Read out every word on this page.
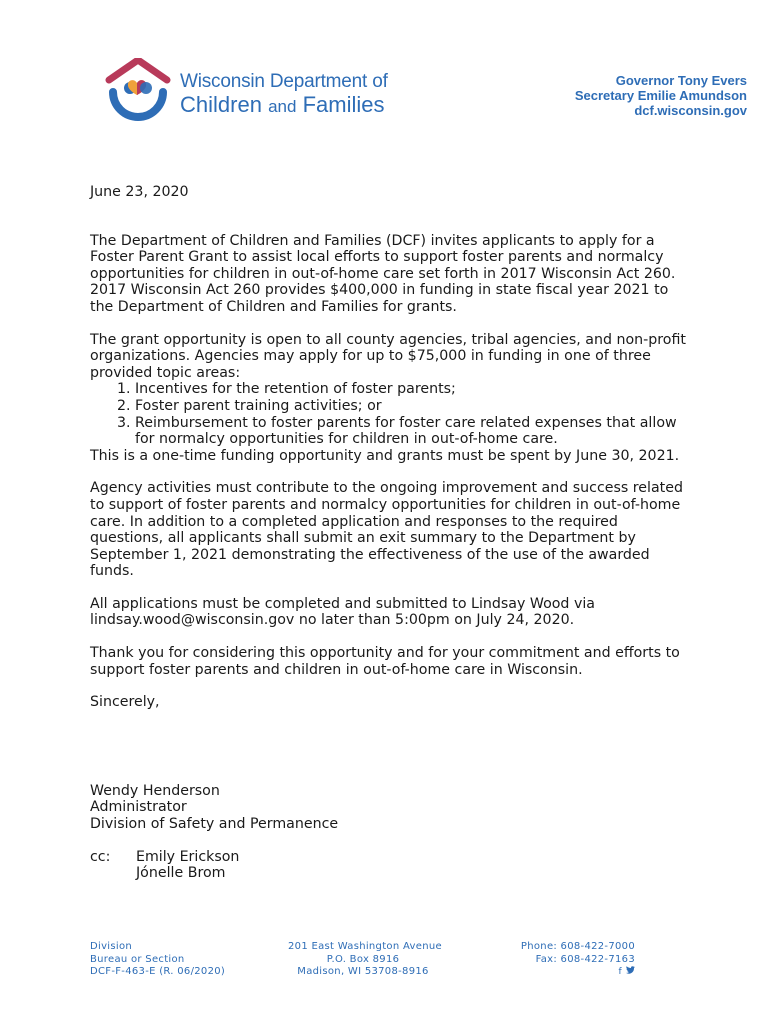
Wisconsin Department of
Children and Families
Governor Tony Evers
Secretary Emilie Amundson
dcf.wisconsin.gov

June 23, 2020

The Department of Children and Families (DCF) invites applicants to apply for a Foster Parent Grant to assist local efforts to support foster parents and normalcy opportunities for children in out-of-home care set forth in 2017 Wisconsin Act 260. 2017 Wisconsin Act 260 provides $400,000 in funding in state fiscal year 2021 to the Department of Children and Families for grants.

The grant opportunity is open to all county agencies, tribal agencies, and non-profit organizations. Agencies may apply for up to $75,000 in funding in one of three provided topic areas:

1. Incentives for the retention of foster parents;
2. Foster parent training activities; or
3. Reimbursement to foster parents for foster care related expenses that allow for normalcy opportunities for children in out-of-home care.

This is a one-time funding opportunity and grants must be spent by June 30, 2021.

Agency activities must contribute to the ongoing improvement and success related to support of foster parents and normalcy opportunities for children in out-of-home care. In addition to a completed application and responses to the required questions, all applicants shall submit an exit summary to the Department by September 1, 2021 demonstrating the effectiveness of the use of the awarded funds.

All applications must be completed and submitted to Lindsay Wood via lindsay.wood@wisconsin.gov no later than 5:00pm on July 24, 2020.

Thank you for considering this opportunity and for your commitment and efforts to support foster parents and children in out-of-home care in Wisconsin.

Sincerely,

Wendy Henderson

Administrator

Division of Safety and Permanence

cc:	Emily Erickson

Jónelle Brom

Division
Bureau or Section
DCF-F-463-E (R. 06/2020)
201 East Washington Avenue
P.O. Box 8916
Madison, WI 53708-8916
Phone: 608-422-7000
Fax: 608-422-7163
f
